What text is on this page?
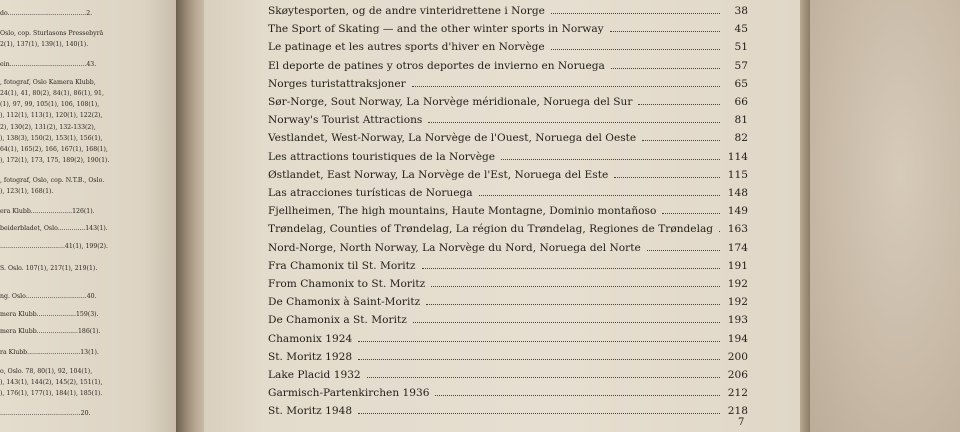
do........................................2.
Oslo, cop. Sturlasons Pressebyrå
2(1), 137(1), 139(1), 140(1).
ein.......................................43.
, fotograf, Oslo Kamera Klubb,
24(1), 41, 80(2), 84(1), 86(1), 91,
(1), 97, 99, 105(1), 106, 108(1),
), 112(1), 113(1), 120(1), 122(2),
2), 130(2), 131(2), 132-133(2),
), 138(3), 150(2), 153(1), 156(1),
64(1), 165(2), 166, 167(1), 168(1),
), 172(1), 173, 175, 189(2), 190(1).
, fotograf, Oslo, cop. N.T.B., Oslo.
), 123(1), 168(1).
era Klubb.....................126(1).
beiderbladet, Oslo..............143(1).
.................................41(1), 199(2).
S. Oslo. 107(1), 217(1), 219(1).
ng. Oslo...............................40.
mera Klubb....................159(3).
mera Klubb.....................186(1).
ra Klubb...........................13(1).
o, Oslo. 78, 80(1), 92, 104(1),
), 143(1), 144(2), 145(2), 151(1),
), 176(1), 177(1), 184(1), 185(1).
.........................................20.
Skøytesporten, og de andre vinteridrettene i Norge	38
The Sport of Skating — and the other winter sports in Norway	45
Le patinage et les autres sports d'hiver en Norvège	51
El deporte de patines y otros deportes de invierno en Noruega	57
Norges turistattraksjoner	65
Sør-Norge, Sout Norway, La Norvège méridionale, Noruega del Sur	66
Norway's Tourist Attractions	81
Vestlandet, West-Norway, La Norvège de l'Ouest, Noruega del Oeste	82
Les attractions touristiques de la Norvège	114
Østlandet, East Norway, La Norvège de l'Est, Noruega del Este	115
Las atracciones turísticas de Noruega	148
Fjellheimen, The high mountains, Haute Montagne, Dominio montañoso	149
Trøndelag, Counties of Trøndelag, La région du Trøndelag, Regiones de Trøndelag 163
Nord-Norge, North Norway, La Norvège du Nord, Noruega del Norte	174
Fra Chamonix til St. Moritz	191
From Chamonix to St. Moritz	192
De Chamonix à Saint-Moritz	192
De Chamonix a St. Moritz	193
Chamonix 1924	194
St. Moritz 1928	200
Lake Placid 1932	206
Garmisch-Partenkirchen 1936	212
St. Moritz 1948	218
7
